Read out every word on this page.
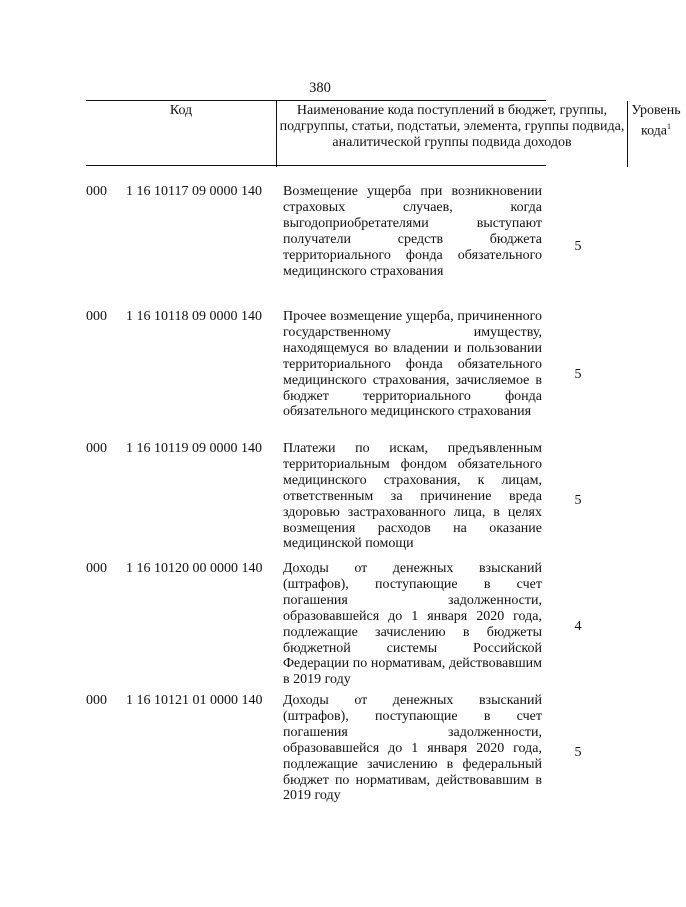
380
Код	Наименование кода поступлений в бюджет, группы, подгруппы, статьи, подстатьи, элемента, группы подвида, аналитической группы подвида доходов
Уровень кода$^1$
000 1 16 10117 09 0000 140 Возмещение ущерба при возникновении страховых случаев, когда выгодоприобретателями выступают получатели средств бюджета территориального фонда обязательного медицинского страхования
5
000 1 16 10118 09 0000 140 Прочее возмещение ущерба, причиненного государственному имуществу, находящемуся во владении и пользовании территориального фонда обязательного медицинского страхования, зачисляемое в бюджет территориального фонда обязательного медицинского страхования
5
000 1 16 10119 09 0000 140 Платежи по искам, предъявленным территориальным фондом обязательного медицинского страхования, к лицам, ответственным за причинение вреда здоровью застрахованного лица, в целях возмещения расходов на оказание медицинской помощи
5
000 1 16 10120 00 0000 140 Доходы от денежных взысканий (штрафов), поступающие в счет погашения задолженности, образовавшейся до 1 января 2020 года, подлежащие зачислению в бюджеты бюджетной системы Российской Федерации по нормативам, действовавшим в 2019 году
4
000 1 16 10121 01 0000 140 Доходы от денежных взысканий (штрафов), поступающие в счет погашения задолженности, образовавшейся до 1 января 2020 года, подлежащие зачислению в федеральный бюджет по нормативам, действовавшим в 2019 году
5
